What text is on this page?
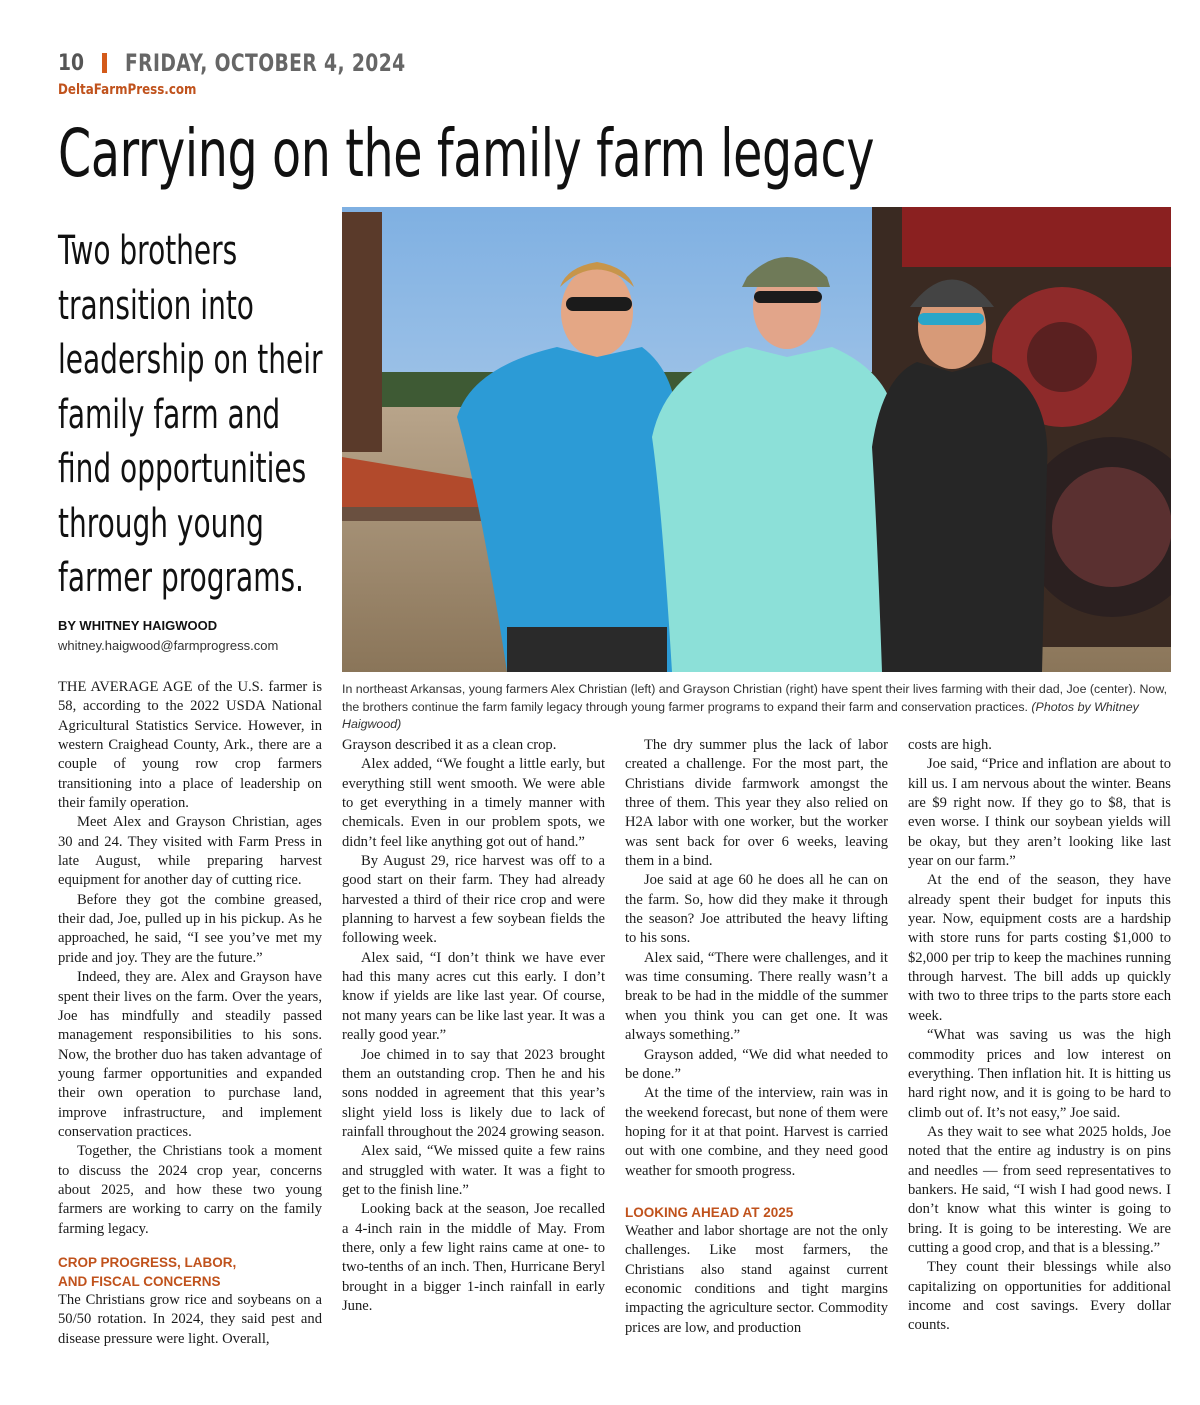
10 FRIDAY, OCTOBER 4, 2024
DeltaFarmPress.com
Carrying on the family farm legacy
Two brothers
transition into
leadership on their
family farm and
find opportunities
through young
farmer programs.
BY WHITNEY HAIGWOOD
whitney.haigwood@farmprogress.com
In northeast Arkansas, young farmers Alex Christian (left) and Grayson Christian (right) have spent their lives farming with their dad, Joe (center). Now, the brothers continue the farm family legacy through young farmer programs to expand their farm and conservation practices. (Photos by Whitney Haigwood)

THE AVERAGE AGE of the U.S. farmer is 58, according to the 2022 USDA National Agricultural Statistics Service. However, in western Craighead County, Ark., there are a couple of young row crop farmers transitioning into a place of leadership on their family operation.

Meet Alex and Grayson Christian, ages 30 and 24. They visited with Farm Press in late August, while preparing harvest equipment for another day of cutting rice.

Before they got the combine greased, their dad, Joe, pulled up in his pickup. As he approached, he said, “I see you’ve met my pride and joy. They are the future.”

Indeed, they are. Alex and Grayson have spent their lives on the farm. Over the years, Joe has mindfully and steadily passed management responsibilities to his sons. Now, the brother duo has taken advantage of young farmer opportunities and expanded their own operation to purchase land, improve infrastructure, and implement conservation practices.

Together, the Christians took a moment to discuss the 2024 crop year, concerns about 2025, and how these two young farmers are working to carry on the family farming legacy.

CROP PROGRESS, LABOR,
AND FISCAL CONCERNS

The Christians grow rice and soybeans on a 50/50 rotation. In 2024, they said pest and disease pressure were light. Overall,

Grayson described it as a clean crop.

Alex added, “We fought a little early, but everything still went smooth. We were able to get everything in a timely manner with chemicals. Even in our problem spots, we didn’t feel like anything got out of hand.”

By August 29, rice harvest was off to a good start on their farm. They had already harvested a third of their rice crop and were planning to harvest a few soybean fields the following week.

Alex said, “I don’t think we have ever had this many acres cut this early. I don’t know if yields are like last year. Of course, not many years can be like last year. It was a really good year.”

Joe chimed in to say that 2023 brought them an outstanding crop. Then he and his sons nodded in agreement that this year’s slight yield loss is likely due to lack of rainfall throughout the 2024 growing season.

Alex said, “We missed quite a few rains and struggled with water. It was a fight to get to the finish line.”

Looking back at the season, Joe recalled a 4-inch rain in the middle of May. From there, only a few light rains came at one- to two-tenths of an inch. Then, Hurricane Beryl brought in a bigger 1-inch rainfall in early June.

The dry summer plus the lack of labor created a challenge. For the most part, the Christians divide farmwork amongst the three of them. This year they also relied on H2A labor with one worker, but the worker was sent back for over 6 weeks, leaving them in a bind.

Joe said at age 60 he does all he can on the farm. So, how did they make it through the season? Joe attributed the heavy lifting to his sons.

Alex said, “There were challenges, and it was time consuming. There really wasn’t a break to be had in the middle of the summer when you think you can get one. It was always something.”

Grayson added, “We did what needed to be done.”

At the time of the interview, rain was in the weekend forecast, but none of them were hoping for it at that point. Harvest is carried out with one combine, and they need good weather for smooth progress.

LOOKING AHEAD AT 2025

Weather and labor shortage are not the only challenges. Like most farmers, the Christians also stand against current economic conditions and tight margins impacting the agriculture sector. Commodity prices are low, and production

costs are high.

Joe said, “Price and inflation are about to kill us. I am nervous about the winter. Beans are $9 right now. If they go to $8, that is even worse. I think our soybean yields will be okay, but they aren’t looking like last year on our farm.”

At the end of the season, they have already spent their budget for inputs this year. Now, equipment costs are a hardship with store runs for parts costing $1,000 to $2,000 per trip to keep the machines running through harvest. The bill adds up quickly with two to three trips to the parts store each week.

“What was saving us was the high commodity prices and low interest on everything. Then inflation hit. It is hitting us hard right now, and it is going to be hard to climb out of. It’s not easy,” Joe said.

As they wait to see what 2025 holds, Joe noted that the entire ag industry is on pins and needles — from seed representatives to bankers. He said, “I wish I had good news. I don’t know what this winter is going to bring. It is going to be interesting. We are cutting a good crop, and that is a blessing.”

They count their blessings while also capitalizing on opportunities for additional income and cost savings. Every dollar counts.
